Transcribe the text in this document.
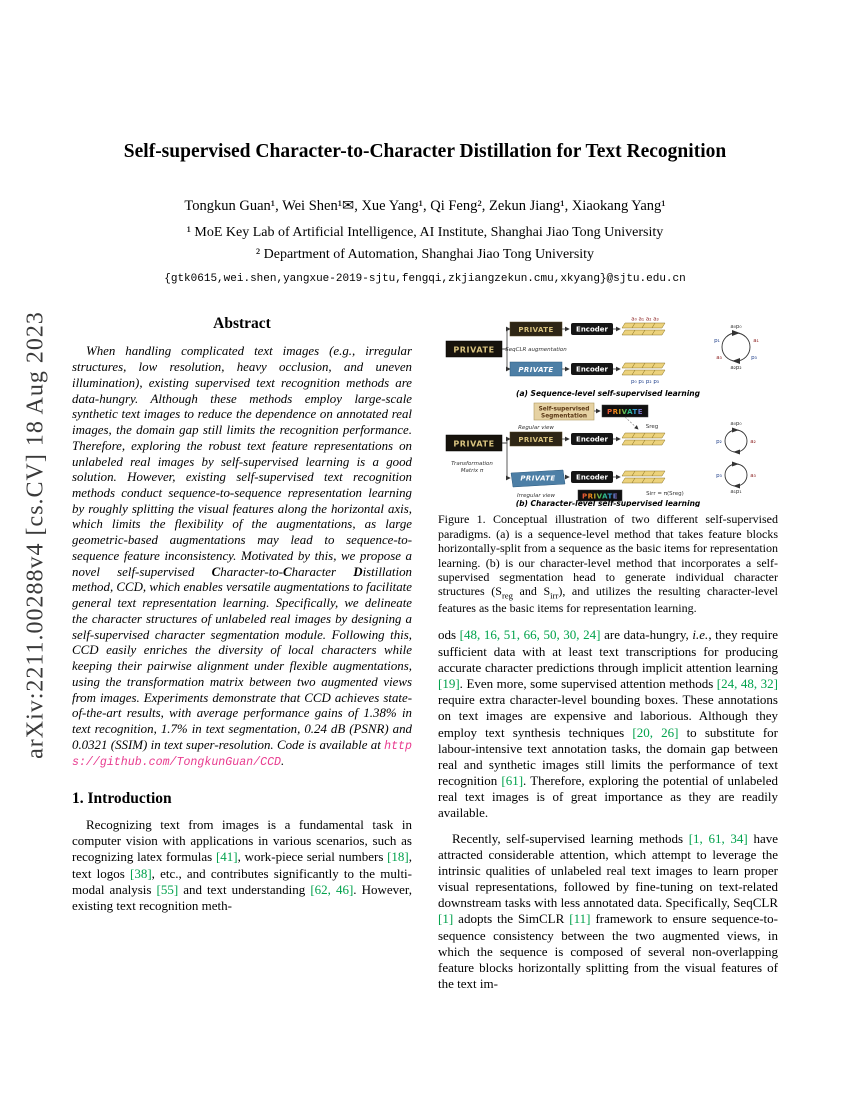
arXiv:2211.00288v4 [cs.CV] 18 Aug 2023
Self-supervised Character-to-Character Distillation for Text Recognition
Tongkun Guan¹, Wei Shen¹✉, Xue Yang¹, Qi Feng², Zekun Jiang¹, Xiaokang Yang¹
¹ MoE Key Lab of Artificial Intelligence, AI Institute, Shanghai Jiao Tong University
² Department of Automation, Shanghai Jiao Tong University
{gtk0615,wei.shen,yangxue-2019-sjtu,fengqi,zkjiangzekun.cmu,xkyang}@sjtu.edu.cn
Abstract

When handling complicated text images (e.g., irregular structures, low resolution, heavy occlusion, and uneven illumination), existing supervised text recognition methods are data-hungry. Although these methods employ large-scale synthetic text images to reduce the dependence on annotated real images, the domain gap still limits the recognition performance. Therefore, exploring the robust text feature representations on unlabeled real images by self-supervised learning is a good solution. However, existing self-supervised text recognition methods conduct sequence-to-sequence representation learning by roughly splitting the visual features along the horizontal axis, which limits the flexibility of the augmentations, as large geometric-based augmentations may lead to sequence-to-sequence feature inconsistency. Motivated by this, we propose a novel self-supervised Character-to-Character Distillation method, CCD, which enables versatile augmentations to facilitate general text representation learning. Specifically, we delineate the character structures of unlabeled real images by designing a self-supervised character segmentation module. Following this, CCD easily enriches the diversity of local characters while keeping their pairwise alignment under flexible augmentations, using the transformation matrix between two augmented views from images. Experiments demonstrate that CCD achieves state-of-the-art results, with average performance gains of 1.38% in text recognition, 1.7% in text segmentation, 0.24 dB (PSNR) and 0.0321 (SSIM) in text super-resolution. Code is available at https://github.com/TongkunGuan/CCD.

1. Introduction

Recognizing text from images is a fundamental task in computer vision with applications in various scenarios, such as recognizing latex formulas [41], work-piece serial numbers [18], text logos [38], etc., and contributes significantly to the multi-modal analysis [55] and text understanding [62, 46]. However, existing text recognition meth-

PRIVATE SeqCLR augmentation
PRIVATE
PRIVATE
Encoder
Encoder
a₀ a₁ a₂ a₃
p₀ p₁ p₂ p₃
a₀p₀
p₁	a₁
a₂p₂
a₃	p₃
(a) Sequence-level self-supervised learning
Self-supervised
Segmentation
PRIVATE
Sreg
PRIVATE
Regular view
PRIVATE
Transformation
Matrix π
Irregular view
PRIVATE
Encoder
Encoder
PRIVATE	Sirr = π(Sreg)
a₀p₀
p₂	a₂
a₁p₁
p₃	a₃
(b) Character-level self-supervised learning

Figure 1. Conceptual illustration of two different self-supervised paradigms. (a) is a sequence-level method that takes feature blocks horizontally-split from a sequence as the basic items for representation learning. (b) is our character-level method that incorporates a self-supervised segmentation head to generate individual character structures ($S_{reg}$ and $S_{irr}$), and utilizes the resulting character-level features as the basic items for representation learning.

ods [48, 16, 51, 66, 50, 30, 24] are data-hungry, i.e., they require sufficient data with at least text transcriptions for producing accurate character predictions through implicit attention learning [19]. Even more, some supervised attention methods [24, 48, 32] require extra character-level bounding boxes. These annotations on text images are expensive and laborious. Although they employ text synthesis techniques [20, 26] to substitute for labour-intensive text annotation tasks, the domain gap between real and synthetic images still limits the performance of text recognition [61]. Therefore, exploring the potential of unlabeled real text images is of great importance as they are readily available.

Recently, self-supervised learning methods [1, 61, 34] have attracted considerable attention, which attempt to leverage the intrinsic qualities of unlabeled real text images to learn proper visual representations, followed by fine-tuning on text-related downstream tasks with less annotated data. Specifically, SeqCLR [1] adopts the SimCLR [11] framework to ensure sequence-to-sequence consistency between the two augmented views, in which the sequence is composed of several non-overlapping feature blocks horizontally splitting from the visual features of the text im-
